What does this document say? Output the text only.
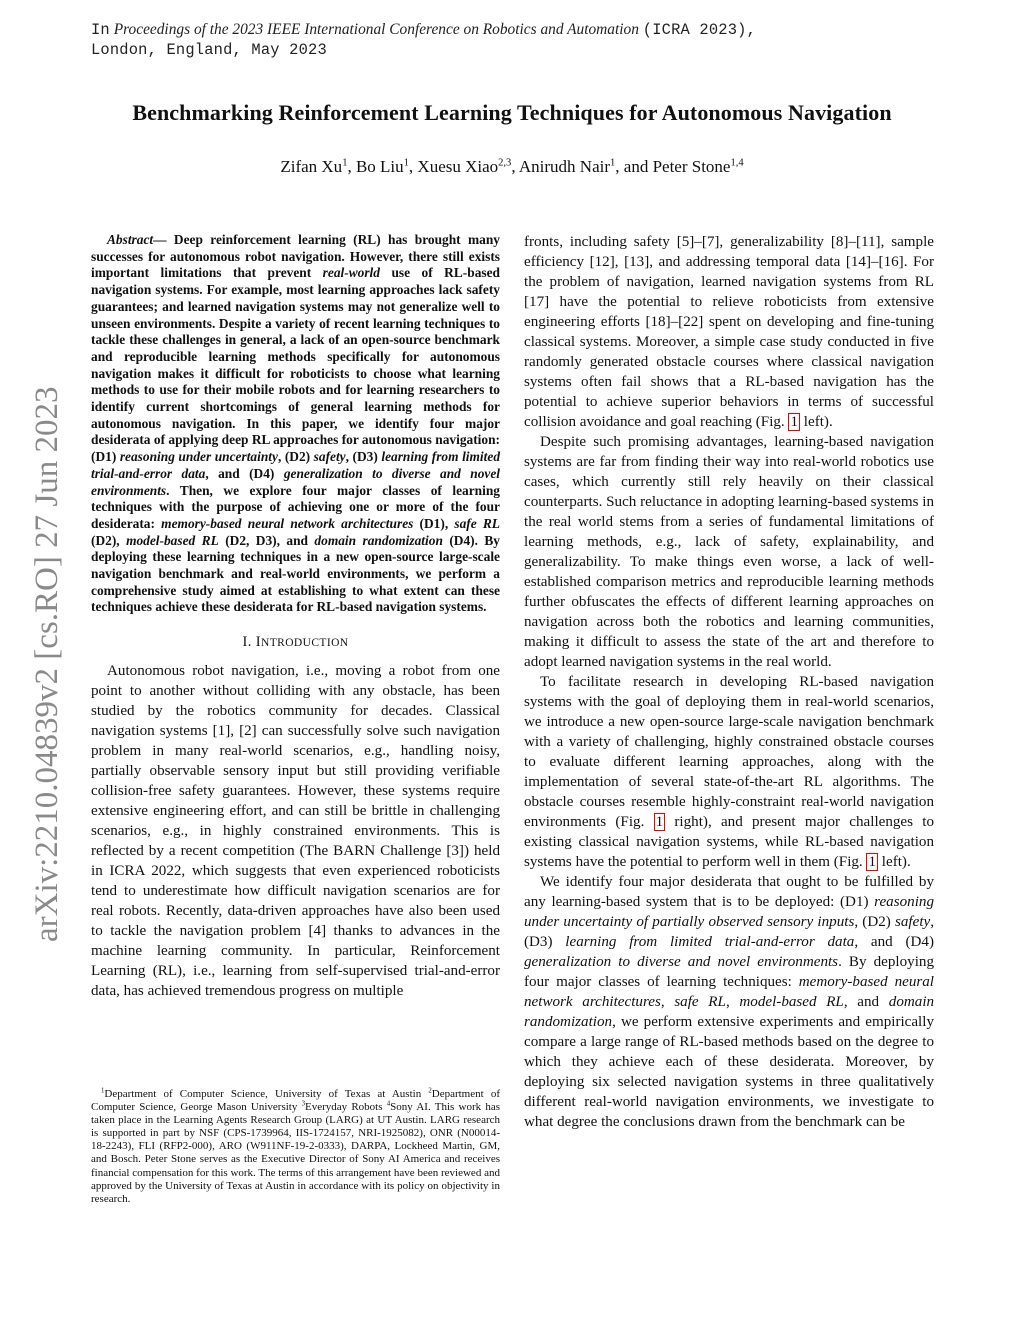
In Proceedings of the 2023 IEEE International Conference on Robotics and Automation (ICRA 2023),
London, England, May 2023
Benchmarking Reinforcement Learning Techniques for Autonomous Navigation
Zifan Xu$^1$, Bo Liu$^1$, Xuesu Xiao$^{2,3}$, Anirudh Nair$^1$, and Peter Stone$^{1,4}$
arXiv:2210.04839v2 [cs.RO] 27 Jun 2023

Abstract— Deep reinforcement learning (RL) has brought many successes for autonomous robot navigation. However, there still exists important limitations that prevent real-world use of RL-based navigation systems. For example, most learning approaches lack safety guarantees; and learned navigation systems may not generalize well to unseen environments. Despite a variety of recent learning techniques to tackle these challenges in general, a lack of an open-source benchmark and reproducible learning methods specifically for autonomous navigation makes it difficult for roboticists to choose what learning methods to use for their mobile robots and for learning researchers to identify current shortcomings of general learning methods for autonomous navigation. In this paper, we identify four major desiderata of applying deep RL approaches for autonomous navigation: (D1) reasoning under uncertainty, (D2) safety, (D3) learning from limited trial-and-error data, and (D4) generalization to diverse and novel environments. Then, we explore four major classes of learning techniques with the purpose of achieving one or more of the four desiderata: memory-based neural network architectures (D1), safe RL (D2), model-based RL (D2, D3), and domain randomization (D4). By deploying these learning techniques in a new open-source large-scale navigation benchmark and real-world environments, we perform a comprehensive study aimed at establishing to what extent can these techniques achieve these desiderata for RL-based navigation systems.

I. INTRODUCTION

Autonomous robot navigation, i.e., moving a robot from one point to another without colliding with any obstacle, has been studied by the robotics community for decades. Classical navigation systems [1], [2] can successfully solve such navigation problem in many real-world scenarios, e.g., handling noisy, partially observable sensory input but still providing verifiable collision-free safety guarantees. However, these systems require extensive engineering effort, and can still be brittle in challenging scenarios, e.g., in highly constrained environments. This is reflected by a recent competition (The BARN Challenge [3]) held in ICRA 2022, which suggests that even experienced roboticists tend to underestimate how difficult navigation scenarios are for real robots. Recently, data-driven approaches have also been used to tackle the navigation problem [4] thanks to advances in the machine learning community. In particular, Reinforcement Learning (RL), i.e., learning from self-supervised trial-and-error data, has achieved tremendous progress on multiple

fronts, including safety [5]–[7], generalizability [8]–[11], sample efficiency [12], [13], and addressing temporal data [14]–[16]. For the problem of navigation, learned navigation systems from RL [17] have the potential to relieve roboticists from extensive engineering efforts [18]–[22] spent on developing and fine-tuning classical systems. Moreover, a simple case study conducted in five randomly generated obstacle courses where classical navigation systems often fail shows that a RL-based navigation has the potential to achieve superior behaviors in terms of successful collision avoidance and goal reaching (Fig. 1 left).

Despite such promising advantages, learning-based navigation systems are far from finding their way into real-world robotics use cases, which currently still rely heavily on their classical counterparts. Such reluctance in adopting learning-based systems in the real world stems from a series of fundamental limitations of learning methods, e.g., lack of safety, explainability, and generalizability. To make things even worse, a lack of well-established comparison metrics and reproducible learning methods further obfuscates the effects of different learning approaches on navigation across both the robotics and learning communities, making it difficult to assess the state of the art and therefore to adopt learned navigation systems in the real world.

To facilitate research in developing RL-based navigation systems with the goal of deploying them in real-world scenarios, we introduce a new open-source large-scale navigation benchmark with a variety of challenging, highly constrained obstacle courses to evaluate different learning approaches, along with the implementation of several state-of-the-art RL algorithms. The obstacle courses resemble highly-constraint real-world navigation environments (Fig. 1 right), and present major challenges to existing classical navigation systems, while RL-based navigation systems have the potential to perform well in them (Fig. 1 left).

We identify four major desiderata that ought to be fulfilled by any learning-based system that is to be deployed: (D1) reasoning under uncertainty of partially observed sensory inputs, (D2) safety, (D3) learning from limited trial-and-error data, and (D4) generalization to diverse and novel environments. By deploying four major classes of learning techniques: memory-based neural network architectures, safe RL, model-based RL, and domain randomization, we perform extensive experiments and empirically compare a large range of RL-based methods based on the degree to which they achieve each of these desiderata. Moreover, by deploying six selected navigation systems in three qualitatively different real-world navigation environments, we investigate to what degree the conclusions drawn from the benchmark can be

$^1$Department of Computer Science, University of Texas at Austin $^2$Department of Computer Science, George Mason University $^3$Everyday Robots $^4$Sony AI. This work has taken place in the Learning Agents Research Group (LARG) at UT Austin. LARG research is supported in part by NSF (CPS-1739964, IIS-1724157, NRI-1925082), ONR (N00014-18-2243), FLI (RFP2-000), ARO (W911NF-19-2-0333), DARPA, Lockheed Martin, GM, and Bosch. Peter Stone serves as the Executive Director of Sony AI America and receives financial compensation for this work. The terms of this arrangement have been reviewed and approved by the University of Texas at Austin in accordance with its policy on objectivity in research.
